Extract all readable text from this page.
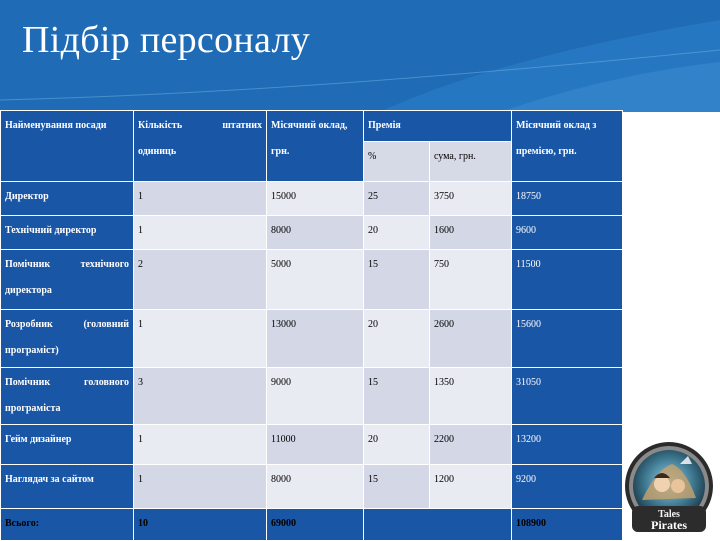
Підбір персоналу
Найменування посади	Кількість штатних одиниць	Місячний оклад, грн.	Премія		Місячний оклад з премією, грн.
			%	сума, грн.	
Директор	1	15000	25	3750	18750
Технічний директор	1	8000	20	1600	9600
Помічник технічного директора	2	5000	15	750	11500
Розробник (головний програміст)	1	13000	20	2600	15600
Помічник головного програміста	3	9000	15	1350	31050
Гейм дизайнер	1	11000	20	2200	13200
Наглядач за сайтом	1	8000	15	1200	9200
Всього:	10	69000			108900
Tales
Pirates
